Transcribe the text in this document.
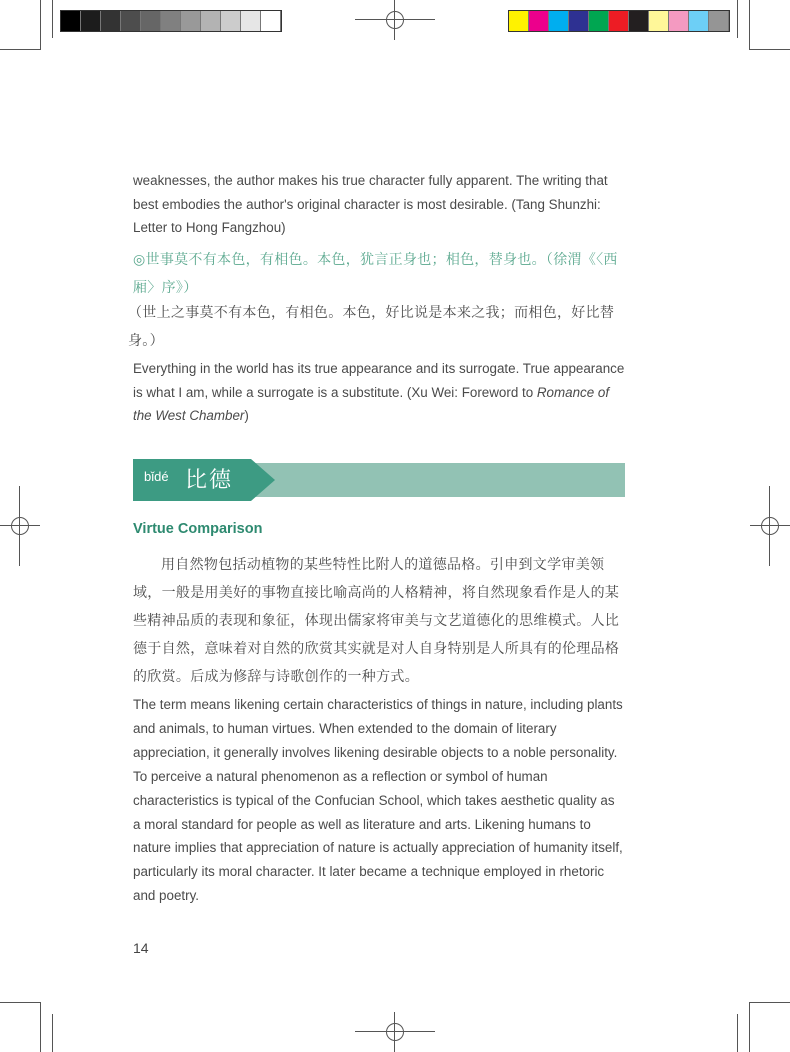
weaknesses, the author makes his true character fully apparent. The writing that best embodies the author's original character is most desirable. (Tang Shunzhi: Letter to Hong Fangzhou)
◎世事莫不有本色，有相色。本色，犹言正身也；相色，替身也。（徐渭《〈西厢〉序》）
（世上之事莫不有本色，有相色。本色，好比说是本来之我；而相色，好比替身。）
Everything in the world has its true appearance and its surrogate. True appearance is what I am, while a surrogate is a substitute. (Xu Wei: Foreword to Romance of the West Chamber)
bǐdé 比德
Virtue Comparison
用自然物包括动植物的某些特性比附人的道德品格。引申到文学审美领域，一般是用美好的事物直接比喻高尚的人格精神，将自然现象看作是人的某些精神品质的表现和象征，体现出儒家将审美与文艺道德化的思维模式。人比德于自然，意味着对自然的欣赏其实就是对人自身特别是人所具有的伦理品格的欣赏。后成为修辞与诗歌创作的一种方式。
The term means likening certain characteristics of things in nature, including plants and animals, to human virtues. When extended to the domain of literary appreciation, it generally involves likening desirable objects to a noble personality. To perceive a natural phenomenon as a reflection or symbol of human characteristics is typical of the Confucian School, which takes aesthetic quality as a moral standard for people as well as literature and arts. Likening humans to nature implies that appreciation of nature is actually appreciation of humanity itself, particularly its moral character. It later became a technique employed in rhetoric and poetry.
14
